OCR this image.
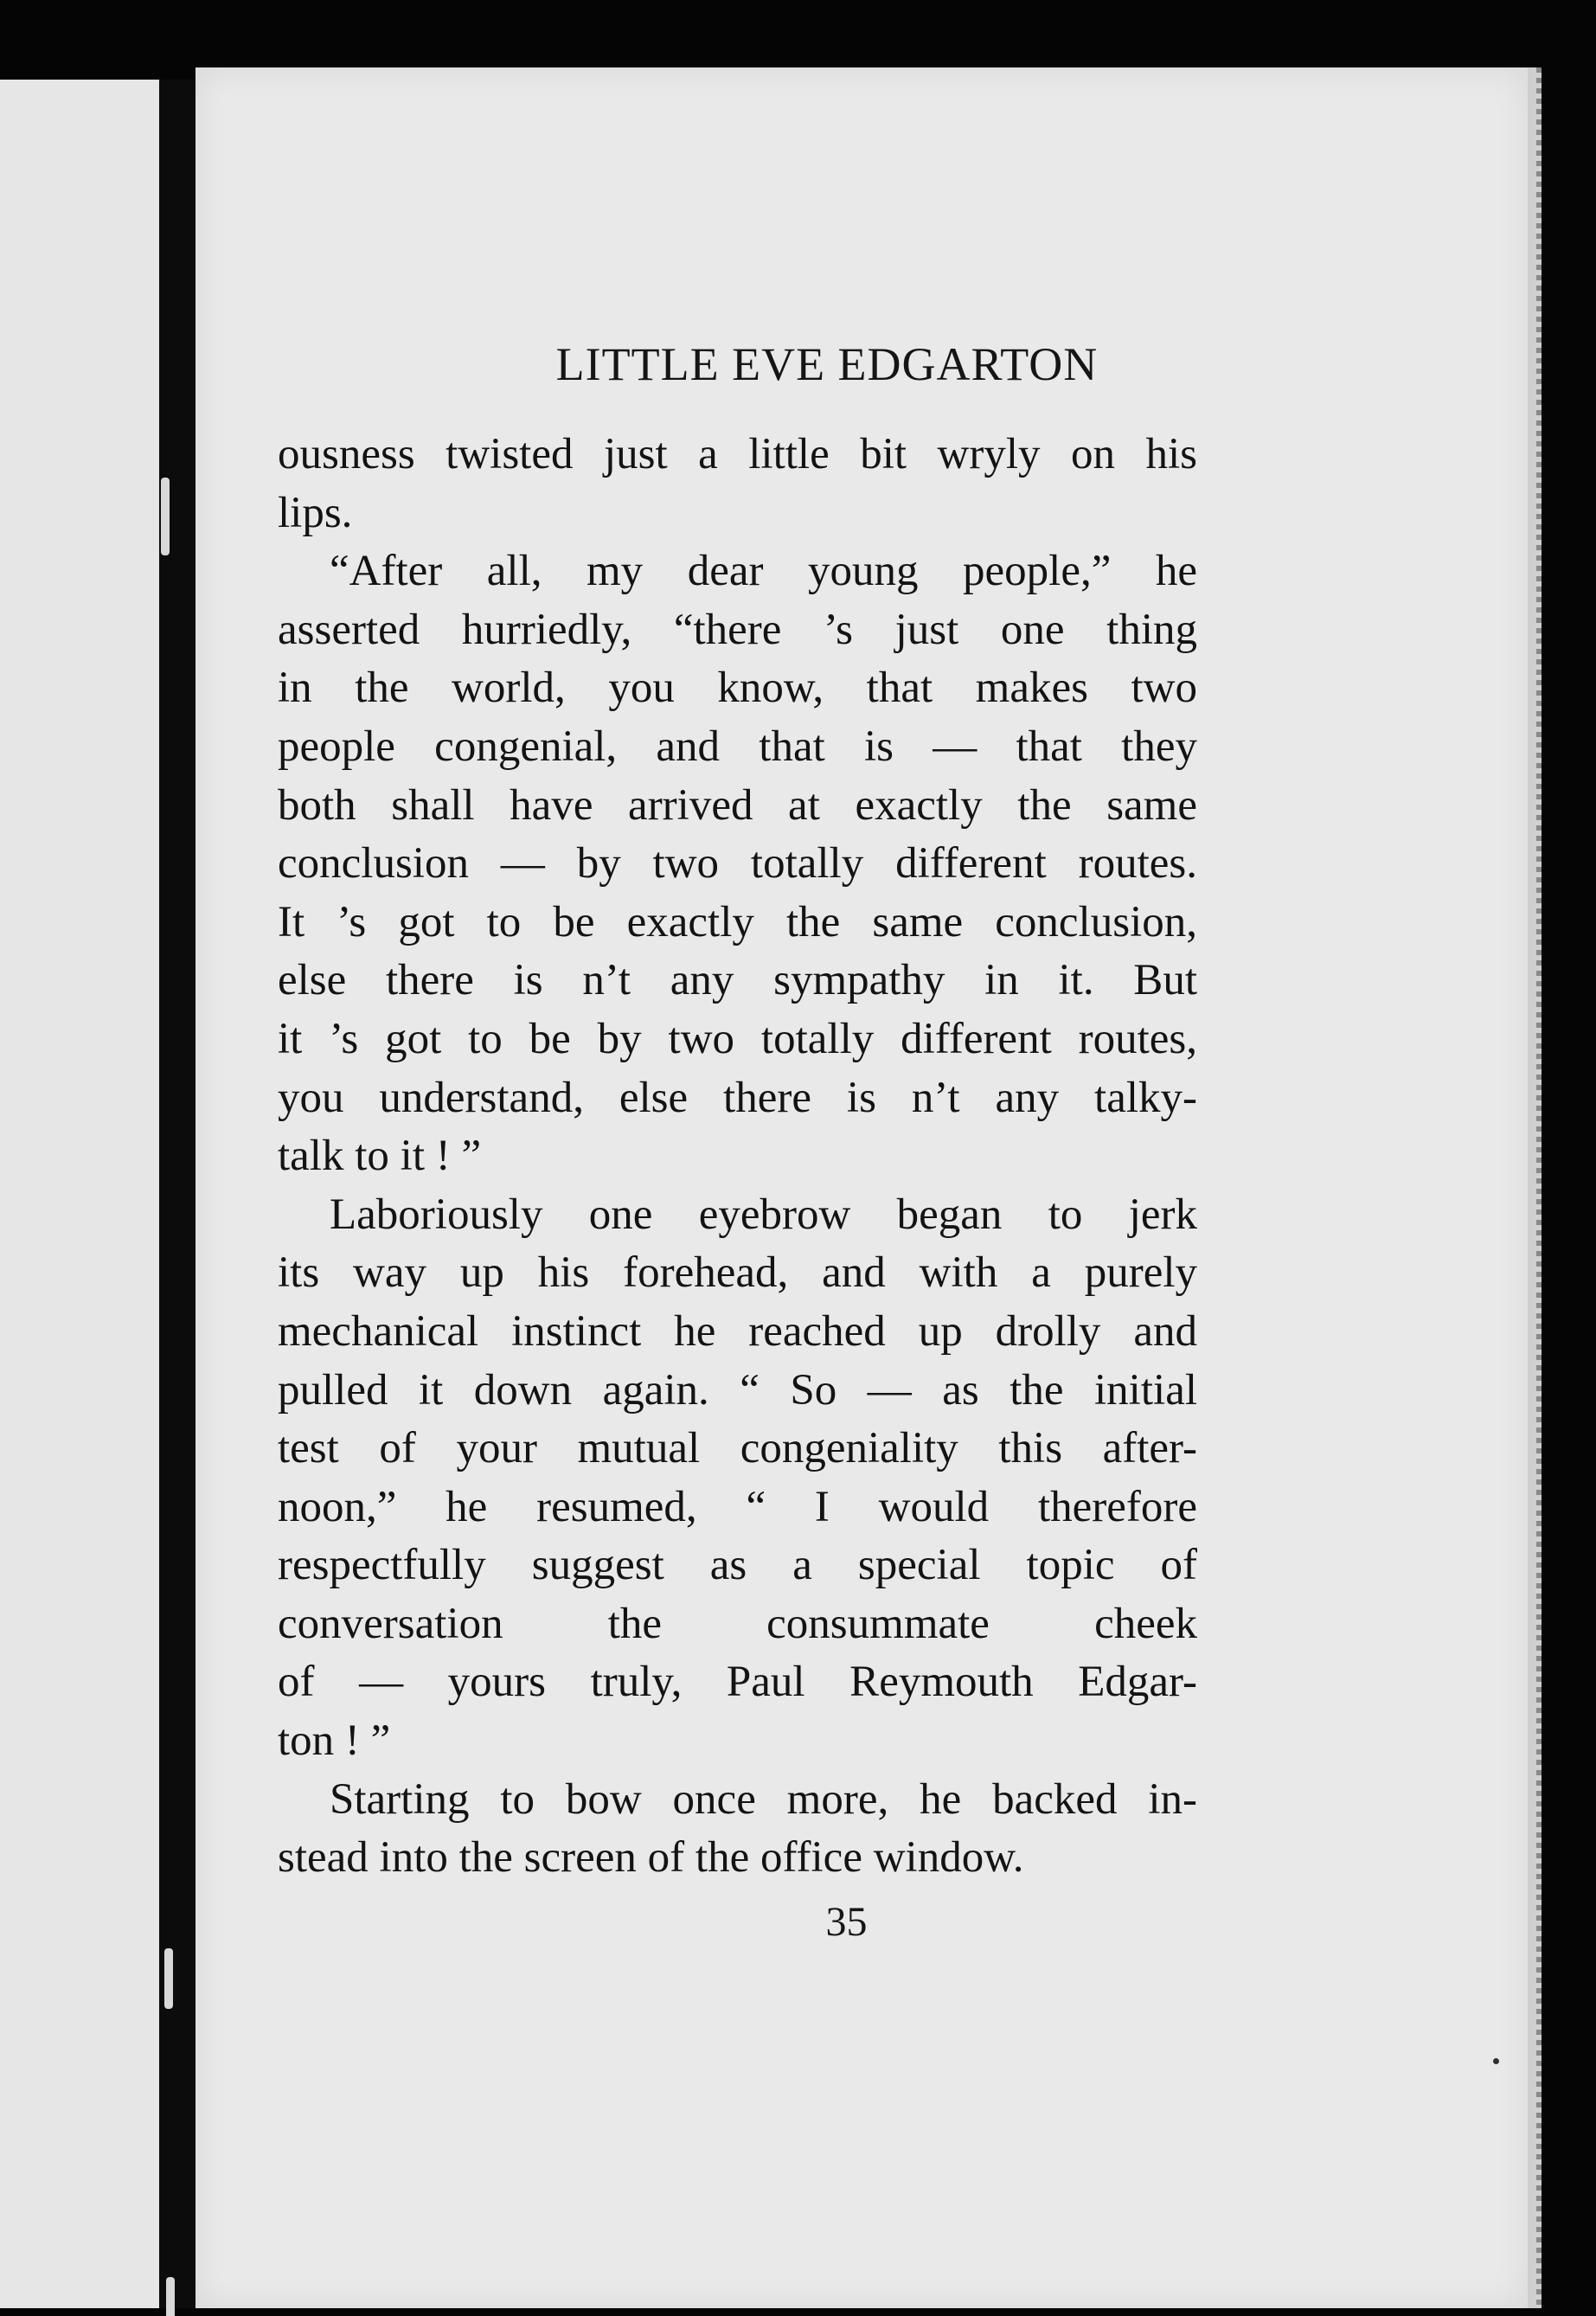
LITTLE EVE EDGARTON

ousness twisted just a little bit wryly on his
lips.

“After all, my dear young people,” he
asserted hurriedly, “there ’s just one thing
in the world, you know, that makes two
people congenial, and that is — that they
both shall have arrived at exactly the same
conclusion — by two totally different routes.
It ’s got to be exactly the same conclusion,
else there is n’t any sympathy in it. But
it ’s got to be by two totally different routes,
you understand, else there is n’t any talky-
talk to it ! ”

Laboriously one eyebrow began to jerk
its way up his forehead, and with a purely
mechanical instinct he reached up drolly and
pulled it down again. “ So — as the initial
test of your mutual congeniality this after-
noon,” he resumed, “ I would therefore
respectfully suggest as a special topic of
conversation the consummate cheek
of — yours truly, Paul Reymouth Edgar-
ton ! ”

Starting to bow once more, he backed in-
stead into the screen of the office window.

35
